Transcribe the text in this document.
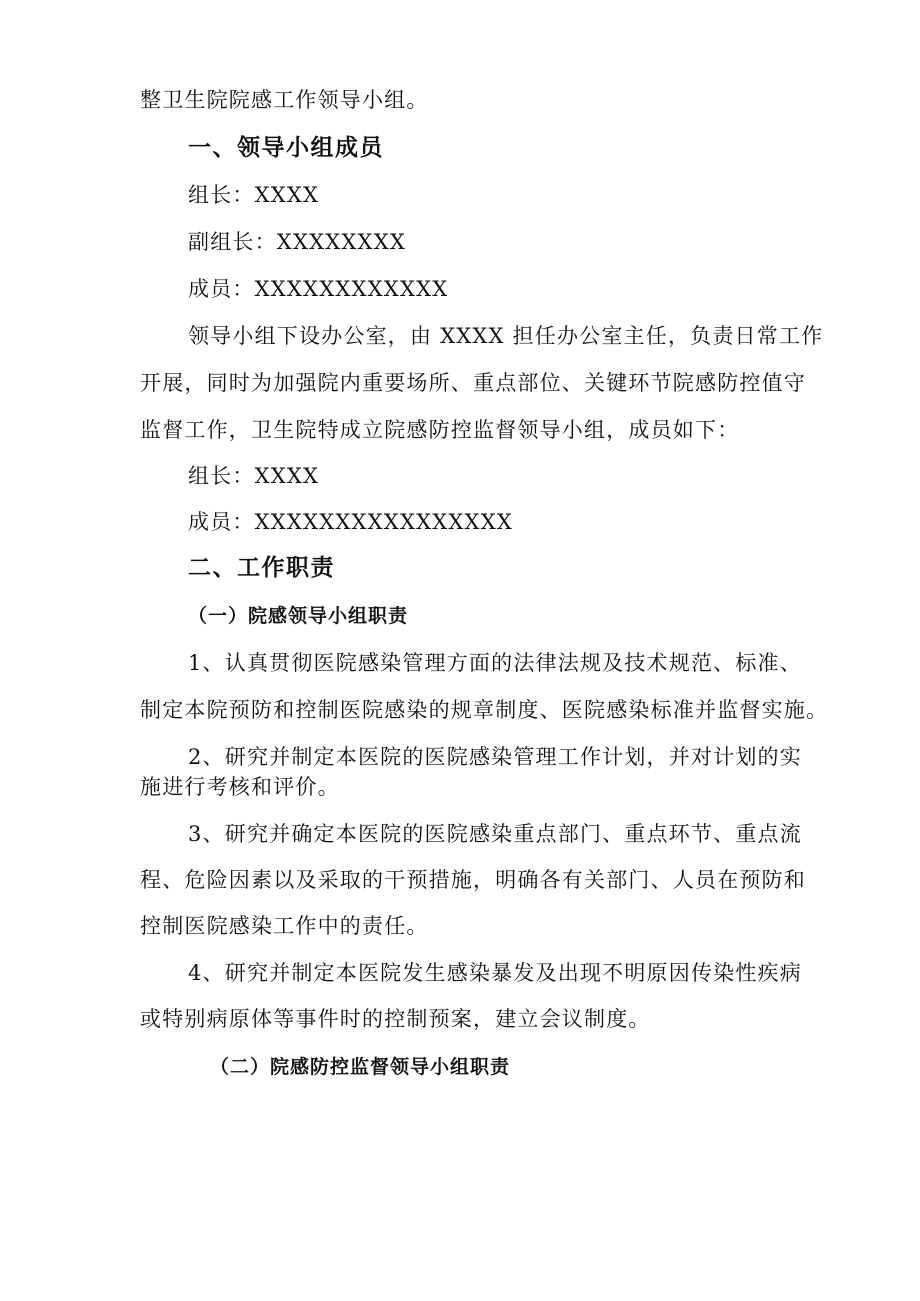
整卫生院院感工作领导小组。
一、领导小组成员
组长：XXXX
副组长：XXXXXXXX
成员：XXXXXXXXXXXX
领导小组下设办公室，由 XXXX 担任办公室主任，负责日常工作
开展，同时为加强院内重要场所、重点部位、关键环节院感防控值守
监督工作，卫生院特成立院感防控监督领导小组，成员如下：
组长：XXXX
成员：XXXXXXXXXXXXXXXX
二、工作职责
（一）院感领导小组职责
1、认真贯彻医院感染管理方面的法律法规及技术规范、标准、
制定本院预防和控制医院感染的规章制度、医院感染标准并监督实施。
2、研究并制定本医院的医院感染管理工作计划，并对计划的实
施进行考核和评价。
3、研究并确定本医院的医院感染重点部门、重点环节、重点流
程、危险因素以及采取的干预措施，明确各有关部门、人员在预防和
控制医院感染工作中的责任。
4、研究并制定本医院发生感染暴发及出现不明原因传染性疾病
或特别病原体等事件时的控制预案，建立会议制度。
（二）院感防控监督领导小组职责
